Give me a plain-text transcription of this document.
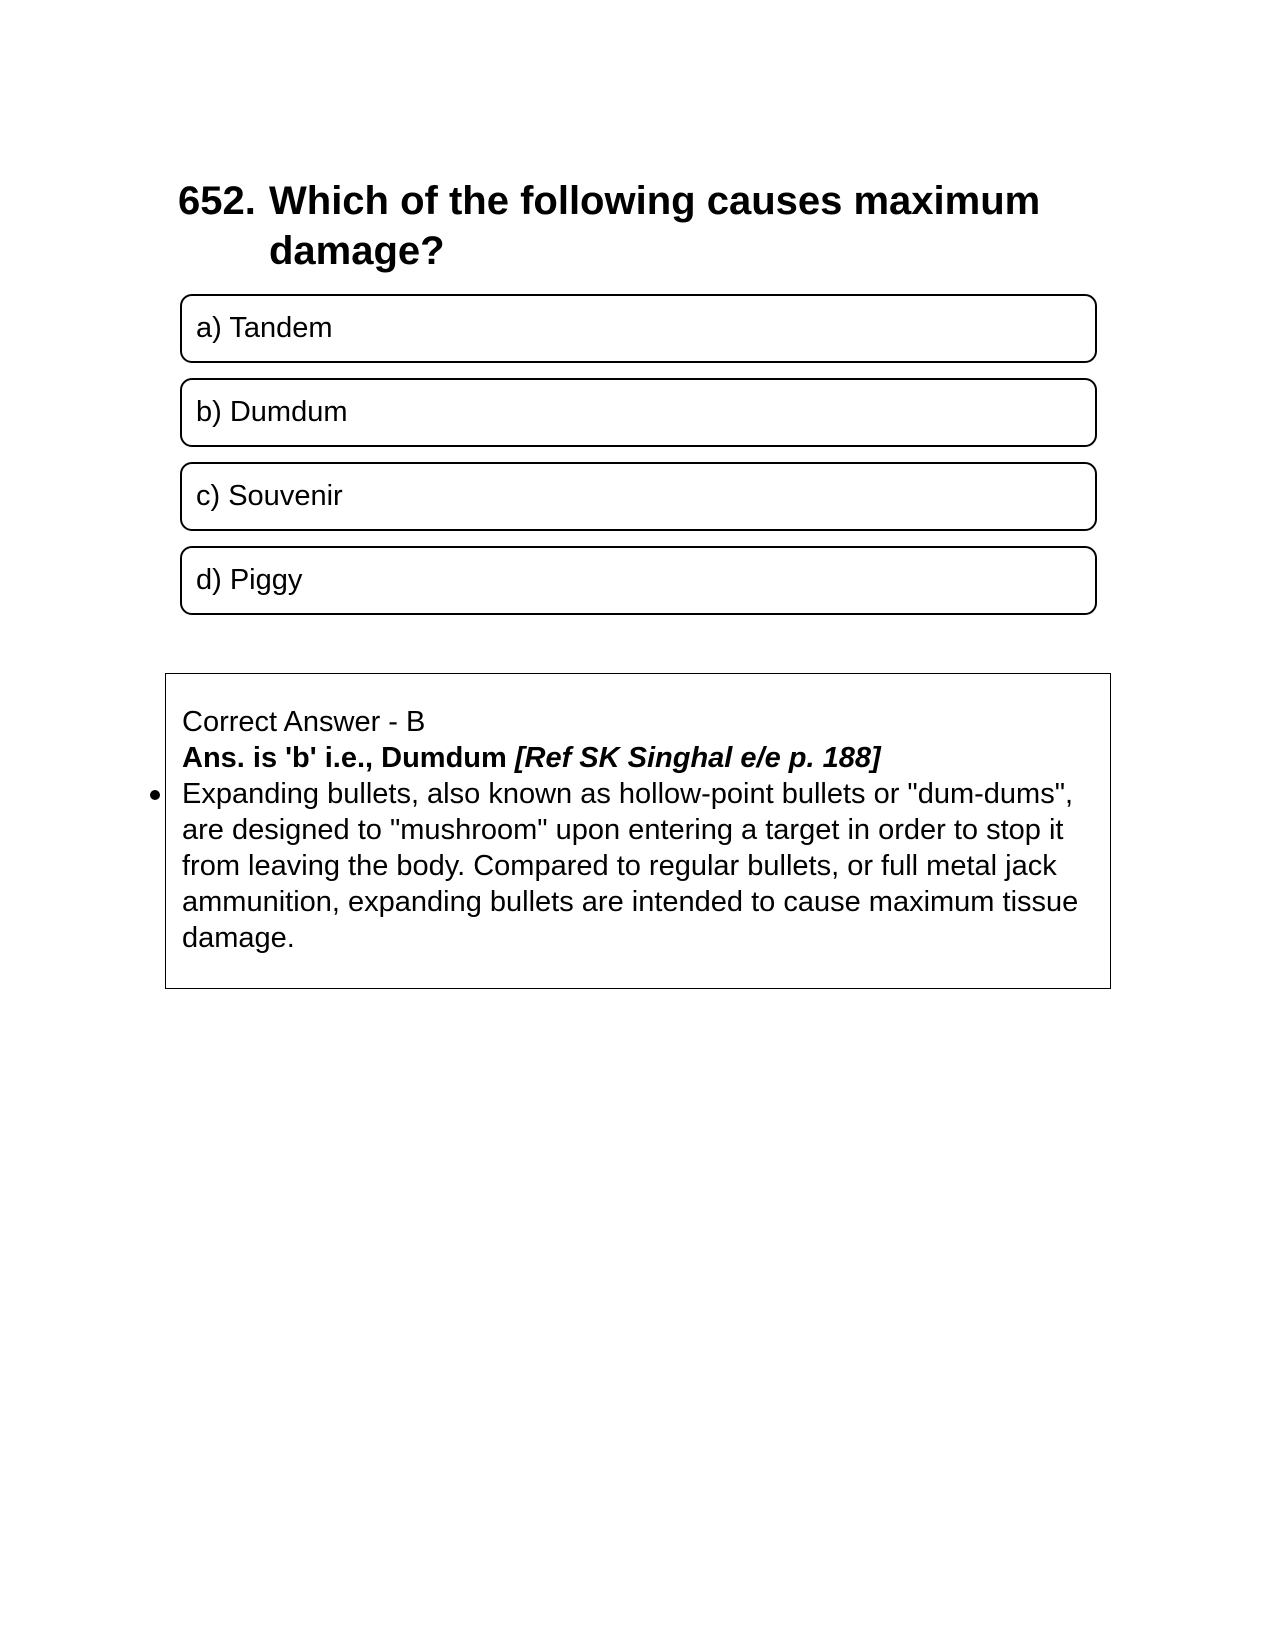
652. Which of the following causes maximum damage?
a) Tandem
b) Dumdum
c) Souvenir
d) Piggy
Correct Answer - B
Ans. is 'b' i.e., Dumdum [Ref SK Singhal e/e p. 188]
Expanding bullets, also known as hollow-point bullets or "dum-dums", are designed to "mushroom" upon entering a target in order to stop it from leaving the body. Compared to regular bullets, or full metal jack ammunition, expanding bullets are intended to cause maximum tissue damage.
